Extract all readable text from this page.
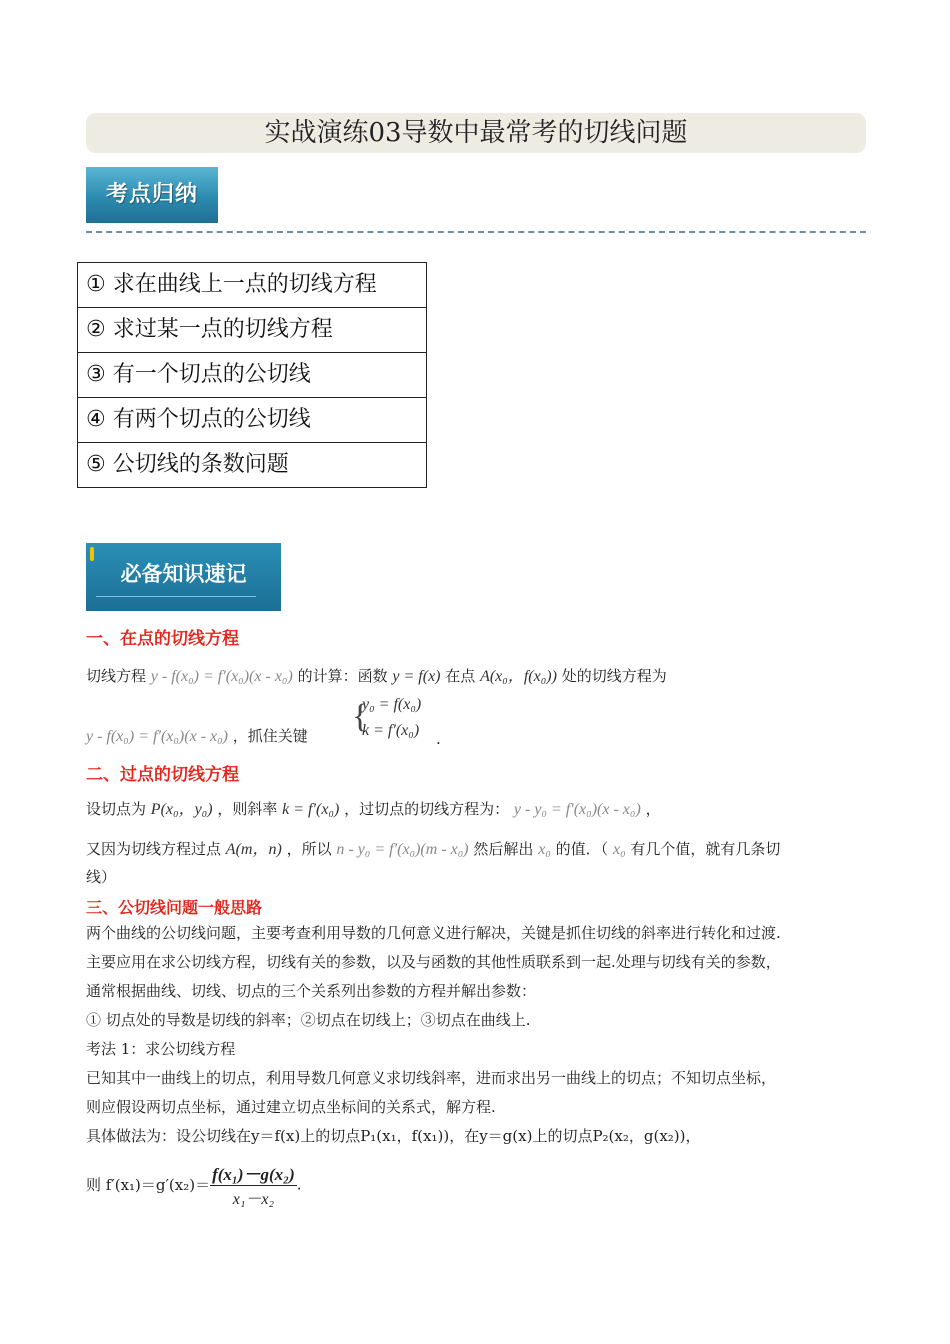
实战演练03导数中最常考的切线问题
考点归纳
① 求在曲线上一点的切线方程
② 求过某一点的切线方程
③ 有一个切点的公切线
④ 有两个切点的公切线
⑤ 公切线的条数问题
必备知识速记
一、在点的切线方程
切线方程 y - f(x₀) = f′(x₀)(x - x₀) 的计算：函数 y = f(x) 在点 A(x₀，f(x₀)) 处的切线方程为
y - f(x₀) = f′(x₀)(x - x₀) ，抓住关键
{
y₀ = f(x₀)
k = f′(x₀) .
二、过点的切线方程
设切点为 P(x₀，y₀) ，则斜率 k = f′(x₀) ，过切点的切线方程为： y - y₀ = f′(x₀)(x - x₀) ，
又因为切线方程过点 A(m，n) ，所以 n - y₀ = f′(x₀)(m - x₀) 然后解出 x₀ 的值．（ x₀ 有几个值，就有几条切
线）
三、公切线问题一般思路
两个曲线的公切线问题，主要考查利用导数的几何意义进行解决，关键是抓住切线的斜率进行转化和过渡.
主要应用在求公切线方程，切线有关的参数，以及与函数的其他性质联系到一起.处理与切线有关的参数，
通常根据曲线、切线、切点的三个关系列出参数的方程并解出参数：
① 切点处的导数是切线的斜率；②切点在切线上；③切点在曲线上.
考法 1：求公切线方程
已知其中一曲线上的切点，利用导数几何意义求切线斜率，进而求出另一曲线上的切点；不知切点坐标，
则应假设两切点坐标，通过建立切点坐标间的关系式，解方程.
具体做法为：设公切线在y＝f(x)上的切点P₁(x₁，f(x₁))，在y＝g(x)上的切点P₂(x₂，g(x₂))，
则 $f'(x_1)=g'(x_2)= \frac{\text{f(x₁)－g(x₂)}}{\text{x₁－x₂}}$ .
